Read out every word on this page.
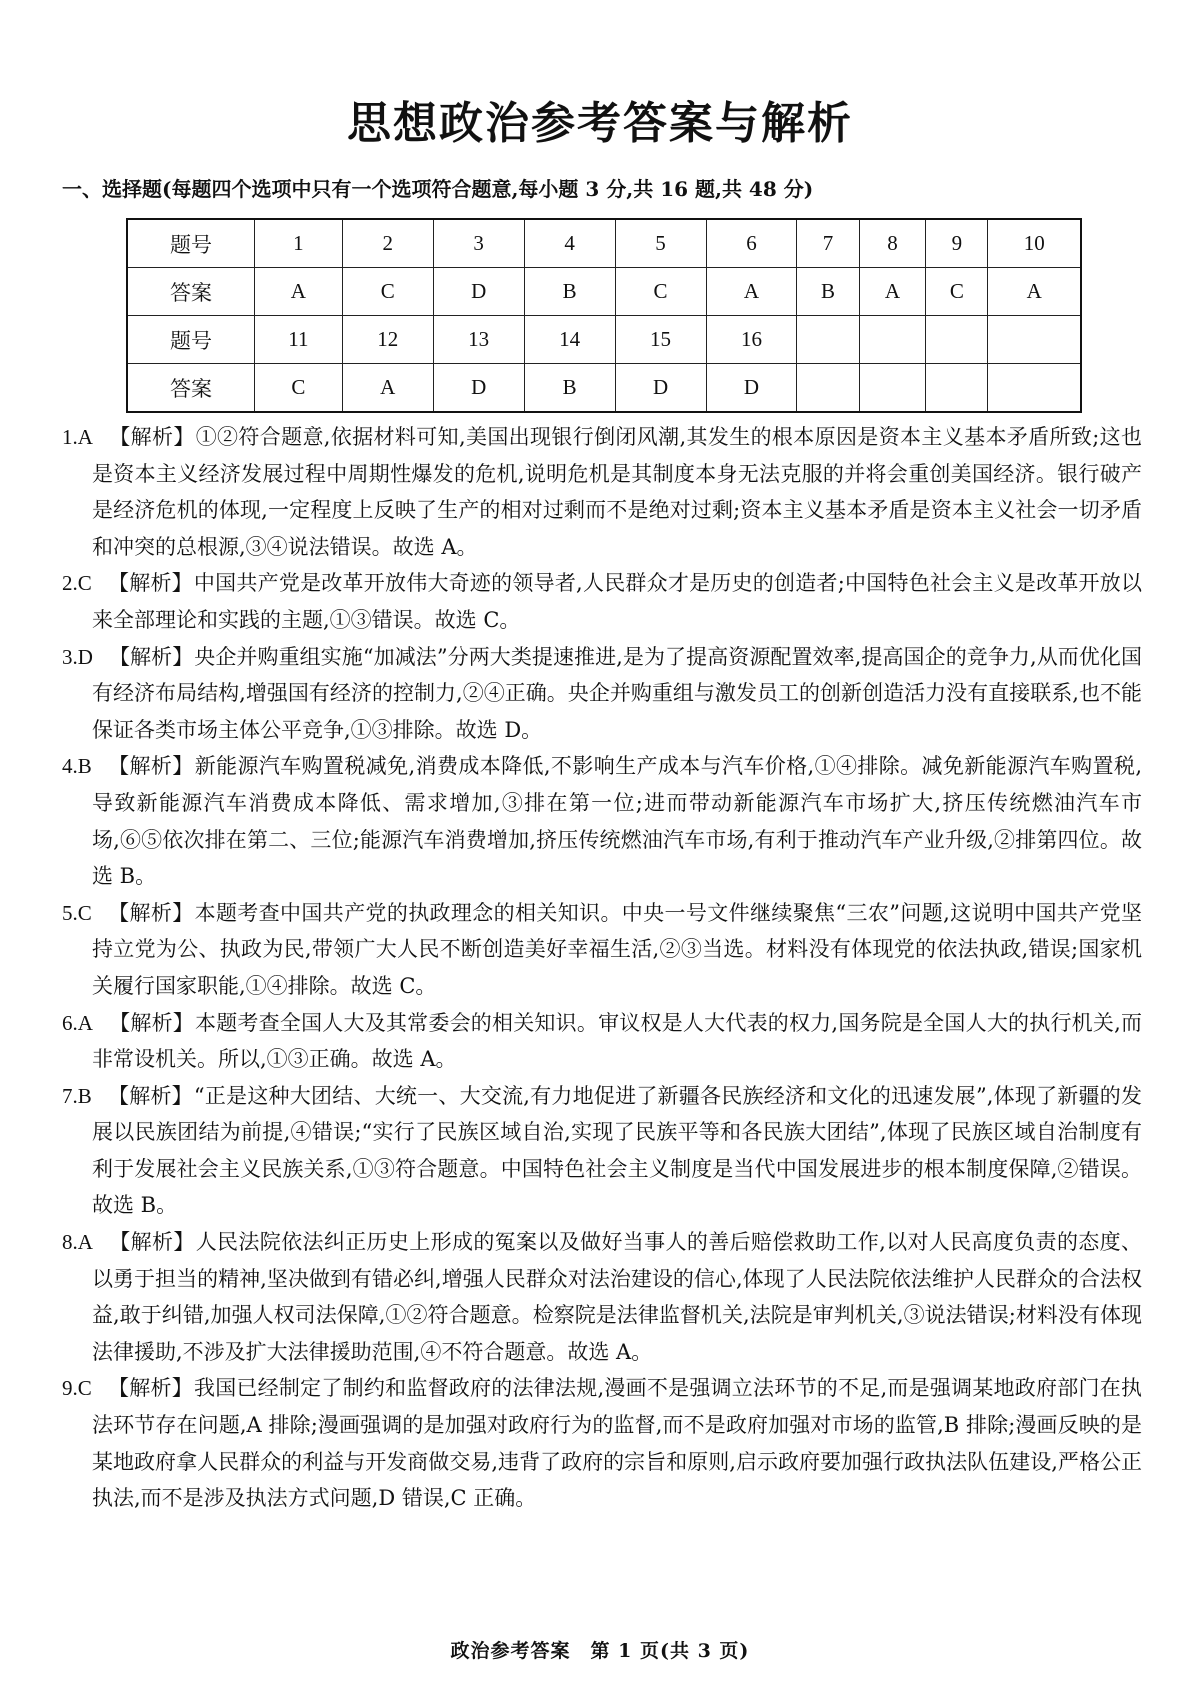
思想政治参考答案与解析
一、选择题(每题四个选项中只有一个选项符合题意,每小题 3 分,共 16 题,共 48 分)
题号	1	2	3	4	5	6	7	8	9	10
答案	A	C	D	B	C	A	B	A	C	A
题号	11	12	13	14	15	16				
答案	C	A	D	B	D	D				

1.A 【解析】①②符合题意,依据材料可知,美国出现银行倒闭风潮,其发生的根本原因是资本主义基本矛盾所致;这也是资本主义经济发展过程中周期性爆发的危机,说明危机是其制度本身无法克服的并将会重创美国经济。银行破产是经济危机的体现,一定程度上反映了生产的相对过剩而不是绝对过剩;资本主义基本矛盾是资本主义社会一切矛盾和冲突的总根源,③④说法错误。故选 A。

2.C 【解析】中国共产党是改革开放伟大奇迹的领导者,人民群众才是历史的创造者;中国特色社会主义是改革开放以来全部理论和实践的主题,①③错误。故选 C。

3.D 【解析】央企并购重组实施“加减法”分两大类提速推进,是为了提高资源配置效率,提高国企的竞争力,从而优化国有经济布局结构,增强国有经济的控制力,②④正确。央企并购重组与激发员工的创新创造活力没有直接联系,也不能保证各类市场主体公平竞争,①③排除。故选 D。

4.B 【解析】新能源汽车购置税减免,消费成本降低,不影响生产成本与汽车价格,①④排除。减免新能源汽车购置税,导致新能源汽车消费成本降低、需求增加,③排在第一位;进而带动新能源汽车市场扩大,挤压传统燃油汽车市场,⑥⑤依次排在第二、三位;能源汽车消费增加,挤压传统燃油汽车市场,有利于推动汽车产业升级,②排第四位。故选 B。

5.C 【解析】本题考查中国共产党的执政理念的相关知识。中央一号文件继续聚焦“三农”问题,这说明中国共产党坚持立党为公、执政为民,带领广大人民不断创造美好幸福生活,②③当选。材料没有体现党的依法执政,错误;国家机关履行国家职能,①④排除。故选 C。

6.A 【解析】本题考查全国人大及其常委会的相关知识。审议权是人大代表的权力,国务院是全国人大的执行机关,而非常设机关。所以,①③正确。故选 A。

7.B 【解析】“正是这种大团结、大统一、大交流,有力地促进了新疆各民族经济和文化的迅速发展”,体现了新疆的发展以民族团结为前提,④错误;“实行了民族区域自治,实现了民族平等和各民族大团结”,体现了民族区域自治制度有利于发展社会主义民族关系,①③符合题意。中国特色社会主义制度是当代中国发展进步的根本制度保障,②错误。故选 B。

8.A 【解析】人民法院依法纠正历史上形成的冤案以及做好当事人的善后赔偿救助工作,以对人民高度负责的态度、以勇于担当的精神,坚决做到有错必纠,增强人民群众对法治建设的信心,体现了人民法院依法维护人民群众的合法权益,敢于纠错,加强人权司法保障,①②符合题意。检察院是法律监督机关,法院是审判机关,③说法错误;材料没有体现法律援助,不涉及扩大法律援助范围,④不符合题意。故选 A。

9.C 【解析】我国已经制定了制约和监督政府的法律法规,漫画不是强调立法环节的不足,而是强调某地政府部门在执法环节存在问题,A 排除;漫画强调的是加强对政府行为的监督,而不是政府加强对市场的监管,B 排除;漫画反映的是某地政府拿人民群众的利益与开发商做交易,违背了政府的宗旨和原则,启示政府要加强行政执法队伍建设,严格公正执法,而不是涉及执法方式问题,D 错误,C 正确。

政治参考答案　第 1 页(共 3 页)
